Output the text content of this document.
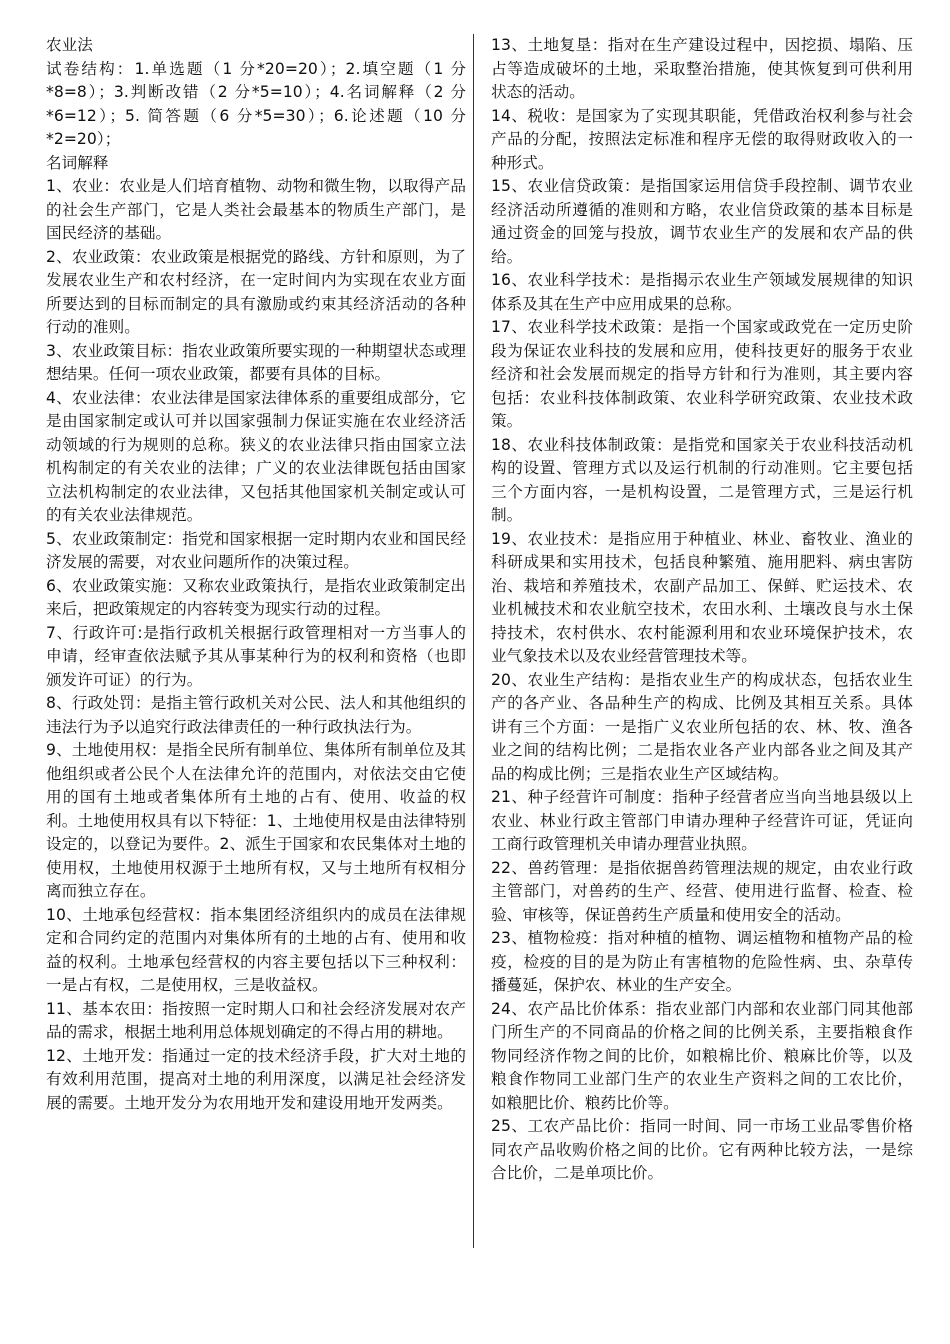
农业法

试卷结构：1.单选题（1 分*20=20）；2.填空题（1 分*8=8）；3.判断改错（2 分*5=10）；4.名词解释（2 分*6=12）；5. 简答题（6 分*5=30）；6.论述题（10 分*2=20）；

名词解释

1、农业：农业是人们培育植物、动物和微生物，以取得产品的社会生产部门，它是人类社会最基本的物质生产部门，是国民经济的基础。

2、农业政策：农业政策是根据党的路线、方针和原则，为了发展农业生产和农村经济，在一定时间内为实现在农业方面所要达到的目标而制定的具有激励或约束其经济活动的各种行动的准则。

3、农业政策目标：指农业政策所要实现的一种期望状态或理想结果。任何一项农业政策，都要有具体的目标。

4、农业法律：农业法律是国家法律体系的重要组成部分，它是由国家制定或认可并以国家强制力保证实施在农业经济活动领域的行为规则的总称。狭义的农业法律只指由国家立法机构制定的有关农业的法律；广义的农业法律既包括由国家立法机构制定的农业法律，又包括其他国家机关制定或认可的有关农业法律规范。

5、农业政策制定：指党和国家根据一定时期内农业和国民经济发展的需要，对农业问题所作的决策过程。

6、农业政策实施：又称农业政策执行，是指农业政策制定出来后，把政策规定的内容转变为现实行动的过程。

7、行政许可:是指行政机关根据行政管理相对一方当事人的申请，经审查依法赋予其从事某种行为的权利和资格（也即颁发许可证）的行为。

8、行政处罚：是指主管行政机关对公民、法人和其他组织的违法行为予以追究行政法律责任的一种行政执法行为。

9、土地使用权：是指全民所有制单位、集体所有制单位及其他组织或者公民个人在法律允许的范围内，对依法交由它使用的国有土地或者集体所有土地的占有、使用、收益的权利。土地使用权具有以下特征：1、土地使用权是由法律特别设定的，以登记为要件。2、派生于国家和农民集体对土地的使用权，土地使用权源于土地所有权，又与土地所有权相分离而独立存在。

10、土地承包经营权：指本集团经济组织内的成员在法律规定和合同约定的范围内对集体所有的土地的占有、使用和收益的权利。土地承包经营权的内容主要包括以下三种权利：一是占有权，二是使用权，三是收益权。

11、基本农田：指按照一定时期人口和社会经济发展对农产品的需求，根据土地利用总体规划确定的不得占用的耕地。

12、土地开发：指通过一定的技术经济手段，扩大对土地的有效利用范围，提高对土地的利用深度，以满足社会经济发展的需要。土地开发分为农用地开发和建设用地开发两类。

13、土地复垦：指对在生产建设过程中，因挖损、塌陷、压占等造成破坏的土地，采取整治措施，使其恢复到可供利用状态的活动。

14、税收：是国家为了实现其职能，凭借政治权利参与社会产品的分配，按照法定标准和程序无偿的取得财政收入的一种形式。

15、农业信贷政策：是指国家运用信贷手段控制、调节农业经济活动所遵循的准则和方略，农业信贷政策的基本目标是通过资金的回笼与投放，调节农业生产的发展和农产品的供给。

16、农业科学技术：是指揭示农业生产领域发展规律的知识体系及其在生产中应用成果的总称。

17、农业科学技术政策：是指一个国家或政党在一定历史阶段为保证农业科技的发展和应用，使科技更好的服务于农业经济和社会发展而规定的指导方针和行为准则，其主要内容包括：农业科技体制政策、农业科学研究政策、农业技术政策。

18、农业科技体制政策：是指党和国家关于农业科技活动机构的设置、管理方式以及运行机制的行动准则。它主要包括三个方面内容，一是机构设置，二是管理方式，三是运行机制。

19、农业技术：是指应用于种植业、林业、畜牧业、渔业的科研成果和实用技术，包括良种繁殖、施用肥料、病虫害防治、栽培和养殖技术，农副产品加工、保鲜、贮运技术、农业机械技术和农业航空技术，农田水利、土壤改良与水土保持技术，农村供水、农村能源利用和农业环境保护技术，农业气象技术以及农业经营管理技术等。

20、农业生产结构：是指农业生产的构成状态，包括农业生产的各产业、各品种生产的构成、比例及其相互关系。具体讲有三个方面：一是指广义农业所包括的农、林、牧、渔各业之间的结构比例；二是指农业各产业内部各业之间及其产品的构成比例；三是指农业生产区域结构。

21、种子经营许可制度：指种子经营者应当向当地县级以上农业、林业行政主管部门申请办理种子经营许可证，凭证向工商行政管理机关申请办理营业执照。

22、兽药管理：是指依据兽药管理法规的规定，由农业行政主管部门，对兽药的生产、经营、使用进行监督、检查、检验、审核等，保证兽药生产质量和使用安全的活动。

23、植物检疫：指对种植的植物、调运植物和植物产品的检疫，检疫的目的是为防止有害植物的危险性病、虫、杂草传播蔓延，保护农、林业的生产安全。

24、农产品比价体系：指农业部门内部和农业部门同其他部门所生产的不同商品的价格之间的比例关系，主要指粮食作物同经济作物之间的比价，如粮棉比价、粮麻比价等，以及粮食作物同工业部门生产的农业生产资料之间的工农比价，如粮肥比价、粮药比价等。

25、工农产品比价：指同一时间、同一市场工业品零售价格同农产品收购价格之间的比价。它有两种比较方法，一是综合比价，二是单项比价。
